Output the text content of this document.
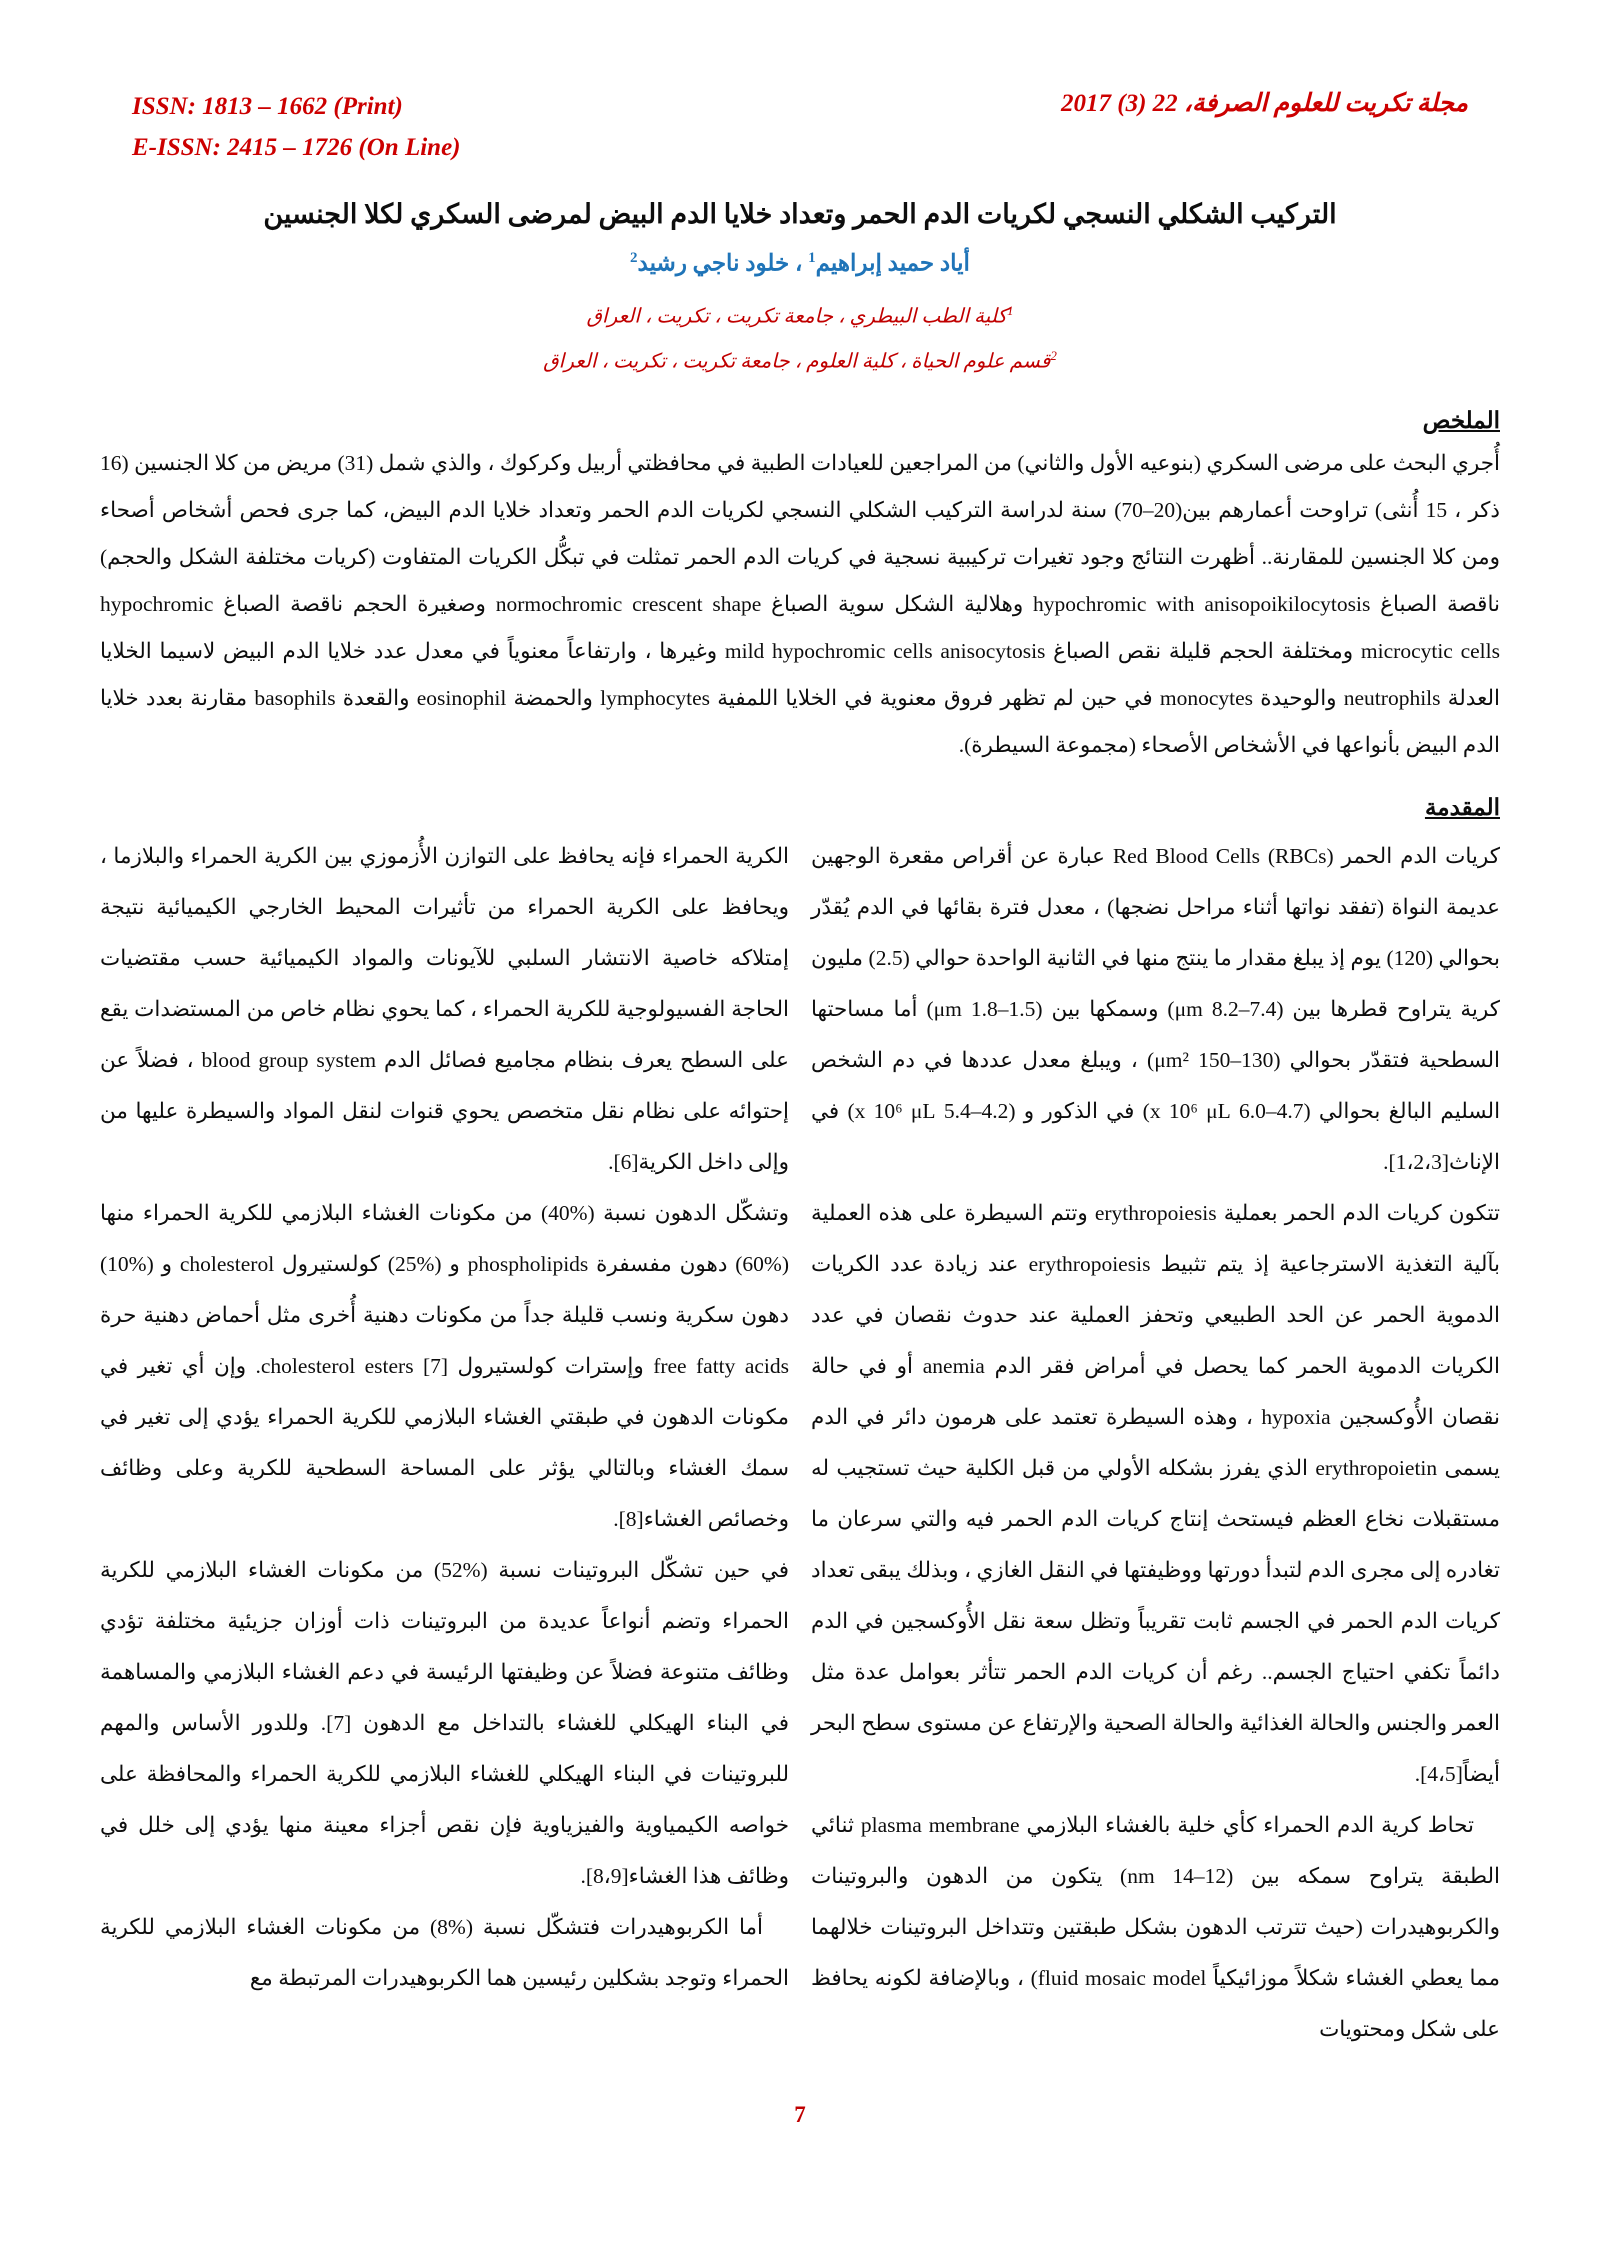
ISSN: 1813 – 1662 (Print)
E-ISSN: 2415 – 1726 (On Line)
مجلة تكريت للعلوم الصرفة، 22 (3) 2017
التركيب الشكلي النسجي لكريات الدم الحمر وتعداد خلايا الدم البيض لمرضى السكري لكلا الجنسين
أياد حميد إبراهيم$^1$ ، خلود ناجي رشيد$^2$
$^1$كلية الطب البيطري ، جامعة تكريت ، تكريت ، العراق
$^2$قسم علوم الحياة ، كلية العلوم ، جامعة تكريت ، تكريت ، العراق
الملخص

أُجري البحث على مرضى السكري (بنوعيه الأول والثاني) من المراجعين للعيادات الطبية في محافظتي أربيل وكركوك ، والذي شمل (31) مريض من كلا الجنسين (16 ذكر ، 15 أُنثى) تراوحت أعمارهم بين(20–70) سنة لدراسة التركيب الشكلي النسجي لكريات الدم الحمر وتعداد خلايا الدم البيض، كما جرى فحص أشخاص أصحاء ومن كلا الجنسين للمقارنة.. أظهرت النتائج وجود تغيرات تركيبية نسجية في كريات الدم الحمر تمثلت في تبكُّل الكريات المتفاوت (كريات مختلفة الشكل والحجم) ناقصة الصباغ hypochromic with anisopoikilocytosis وهلالية الشكل سوية الصباغ normochromic crescent shape وصغيرة الحجم ناقصة الصباغ hypochromic microcytic cells ومختلفة الحجم قليلة نقص الصباغ mild hypochromic cells anisocytosis وغيرها ، وارتفاعاً معنوياً في معدل عدد خلايا الدم البيض لاسيما الخلايا العدلة neutrophils والوحيدة monocytes في حين لم تظهر فروق معنوية في الخلايا اللمفية lymphocytes والحمضة eosinophil والقعدة basophils مقارنة بعدد خلايا الدم البيض بأنواعها في الأشخاص الأصحاء (مجموعة السيطرة).

المقدمة

كريات الدم الحمر Red Blood Cells (RBCs) عبارة عن أقراص مقعرة الوجهين عديمة النواة (تفقد نواتها أثناء مراحل نضجها) ، معدل فترة بقائها في الدم يُقدّر بحوالي (120) يوم إذ يبلغ مقدار ما ينتج منها في الثانية الواحدة حوالي (2.5) مليون كرية يتراوح قطرها بين (7.4–8.2 μm) وسمكها بين (1.5–1.8 μm) أما مساحتها السطحية فتقدّر بحوالي (130–150 μm²) ، ويبلغ معدل عددها في دم الشخص السليم البالغ بحوالي (4.7–6.0 x 10⁶ μL) في الذكور و (4.2–5.4 x 10⁶ μL) في الإناث[1،2،3].

تتكون كريات الدم الحمر بعملية erythropoiesis وتتم السيطرة على هذه العملية بآلية التغذية الاسترجاعية إذ يتم تثبيط erythropoiesis عند زيادة عدد الكريات الدموية الحمر عن الحد الطبيعي وتحفز العملية عند حدوث نقصان في عدد الكريات الدموية الحمر كما يحصل في أمراض فقر الدم anemia أو في حالة نقصان الأُوكسجين hypoxia ، وهذه السيطرة تعتمد على هرمون دائر في الدم يسمى erythropoietin الذي يفرز بشكله الأولي من قبل الكلية حيث تستجيب له مستقبلات نخاع العظم فيستحث إنتاج كريات الدم الحمر فيه والتي سرعان ما تغادره إلى مجرى الدم لتبدأ دورتها ووظيفتها في النقل الغازي ، وبذلك يبقى تعداد كريات الدم الحمر في الجسم ثابت تقريباً وتظل سعة نقل الأُوكسجين في الدم دائماً تكفي احتياج الجسم.. رغم أن كريات الدم الحمر تتأثر بعوامل عدة مثل العمر والجنس والحالة الغذائية والحالة الصحية والإرتفاع عن مستوى سطح البحر أيضاً[4،5].

تحاط كرية الدم الحمراء كأي خلية بالغشاء البلازمي plasma membrane ثنائي الطبقة يتراوح سمكه بين (12–14 nm) يتكون من الدهون والبروتينات والكربوهيدرات (حيث تترتب الدهون بشكل طبقتين وتتداخل البروتينات خلالهما مما يعطي الغشاء شكلاً موزائيكياً fluid mosaic model) ، وبالإضافة لكونه يحافظ على شكل ومحتويات

الكرية الحمراء فإنه يحافظ على التوازن الأُزموزي بين الكرية الحمراء والبلازما ، ويحافظ على الكرية الحمراء من تأثيرات المحيط الخارجي الكيميائية نتيجة إمتلاكه خاصية الانتشار السلبي للآيونات والمواد الكيميائية حسب مقتضيات الحاجة الفسيولوجية للكرية الحمراء ، كما يحوي نظام خاص من المستضدات يقع على السطح يعرف بنظام مجاميع فصائل الدم blood group system ، فضلاً عن إحتوائه على نظام نقل متخصص يحوي قنوات لنقل المواد والسيطرة عليها من وإلى داخل الكرية[6].

وتشكّل الدهون نسبة (%40) من مكونات الغشاء البلازمي للكرية الحمراء منها (%60) دهون مفسفرة phospholipids و (%25) كولستيرول cholesterol و (%10) دهون سكرية ونسب قليلة جداً من مكونات دهنية أُخرى مثل أحماض دهنية حرة free fatty acids وإسترات كولستيرول cholesterol esters [7]. وإن أي تغير في مكونات الدهون في طبقتي الغشاء البلازمي للكرية الحمراء يؤدي إلى تغير في سمك الغشاء وبالتالي يؤثر على المساحة السطحية للكرية وعلى وظائف وخصائص الغشاء[8].

في حين تشكّل البروتينات نسبة (%52) من مكونات الغشاء البلازمي للكرية الحمراء وتضم أنواعاً عديدة من البروتينات ذات أوزان جزيئية مختلفة تؤدي وظائف متنوعة فضلاً عن وظيفتها الرئيسة في دعم الغشاء البلازمي والمساهمة في البناء الهيكلي للغشاء بالتداخل مع الدهون [7]. وللدور الأساس والمهم للبروتينات في البناء الهيكلي للغشاء البلازمي للكرية الحمراء والمحافظة على خواصه الكيمياوية والفيزياوية فإن نقص أجزاء معينة منها يؤدي إلى خلل في وظائف هذا الغشاء[8،9].

أما الكربوهيدرات فتشكّل نسبة (%8) من مكونات الغشاء البلازمي للكرية الحمراء وتوجد بشكلين رئيسين هما الكربوهيدرات المرتبطة مع

7
